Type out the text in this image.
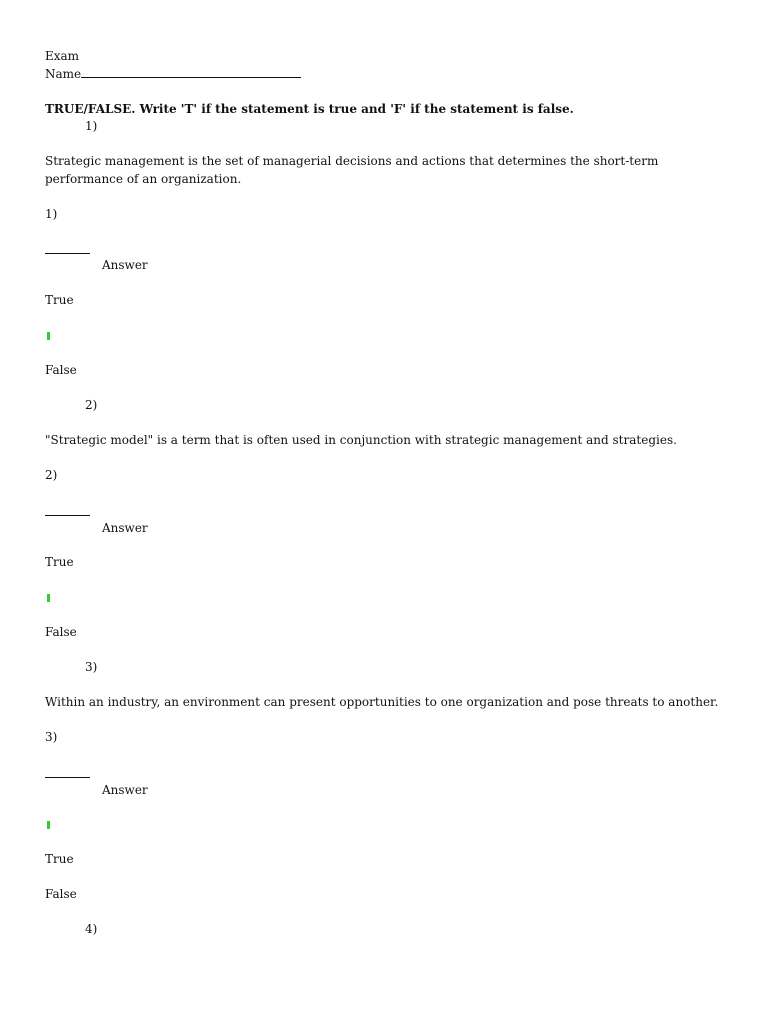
Exam
Name
TRUE/FALSE. Write 'T' if the statement is true and 'F' if the statement is false.
1)
Strategic management is the set of managerial decisions and actions that determines the short-term performance of an organization.
1)
Answer
True
False
2)
"Strategic model" is a term that is often used in conjunction with strategic management and strategies.
2)
Answer
True
False
3)
Within an industry, an environment can present opportunities to one organization and pose threats to another.
3)
Answer
True
False
4)
